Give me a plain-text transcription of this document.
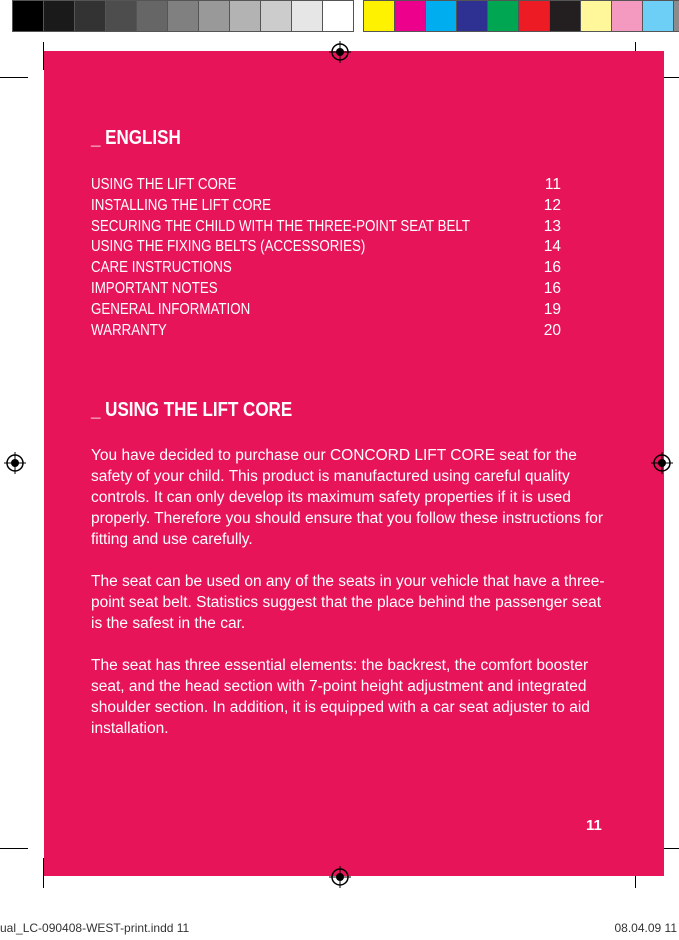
_ ENGLISH
USING THE LIFT CORE	11
INSTALLING THE LIFT CORE	12
SECURING THE CHILD WITH THE THREE-POINT SEAT BELT	13
USING THE FIXING BELTS (ACCESSORIES)	14
CARE INSTRUCTIONS	16
IMPORTANT NOTES	16
GENERAL INFORMATION	19
WARRANTY	20
_ USING THE LIFT CORE

You have decided to purchase our CONCORD LIFT CORE seat for the safety of your child. This product is manufactured using careful quality controls. It can only develop its maximum safety properties if it is used properly. Therefore you should ensure that you follow these instructions for fitting and use carefully.

The seat can be used on any of the seats in your vehicle that have a three-point seat belt. Statistics suggest that the place behind the passenger seat is the safest in the car.

The seat has three essential elements: the backrest, the comfort booster seat, and the head section with 7-point height adjustment and integrated shoulder section. In addition, it is equipped with a car seat adjuster to aid installation.

11
ual_LC-090408-WEST-print.indd 11	08.04.09 11
